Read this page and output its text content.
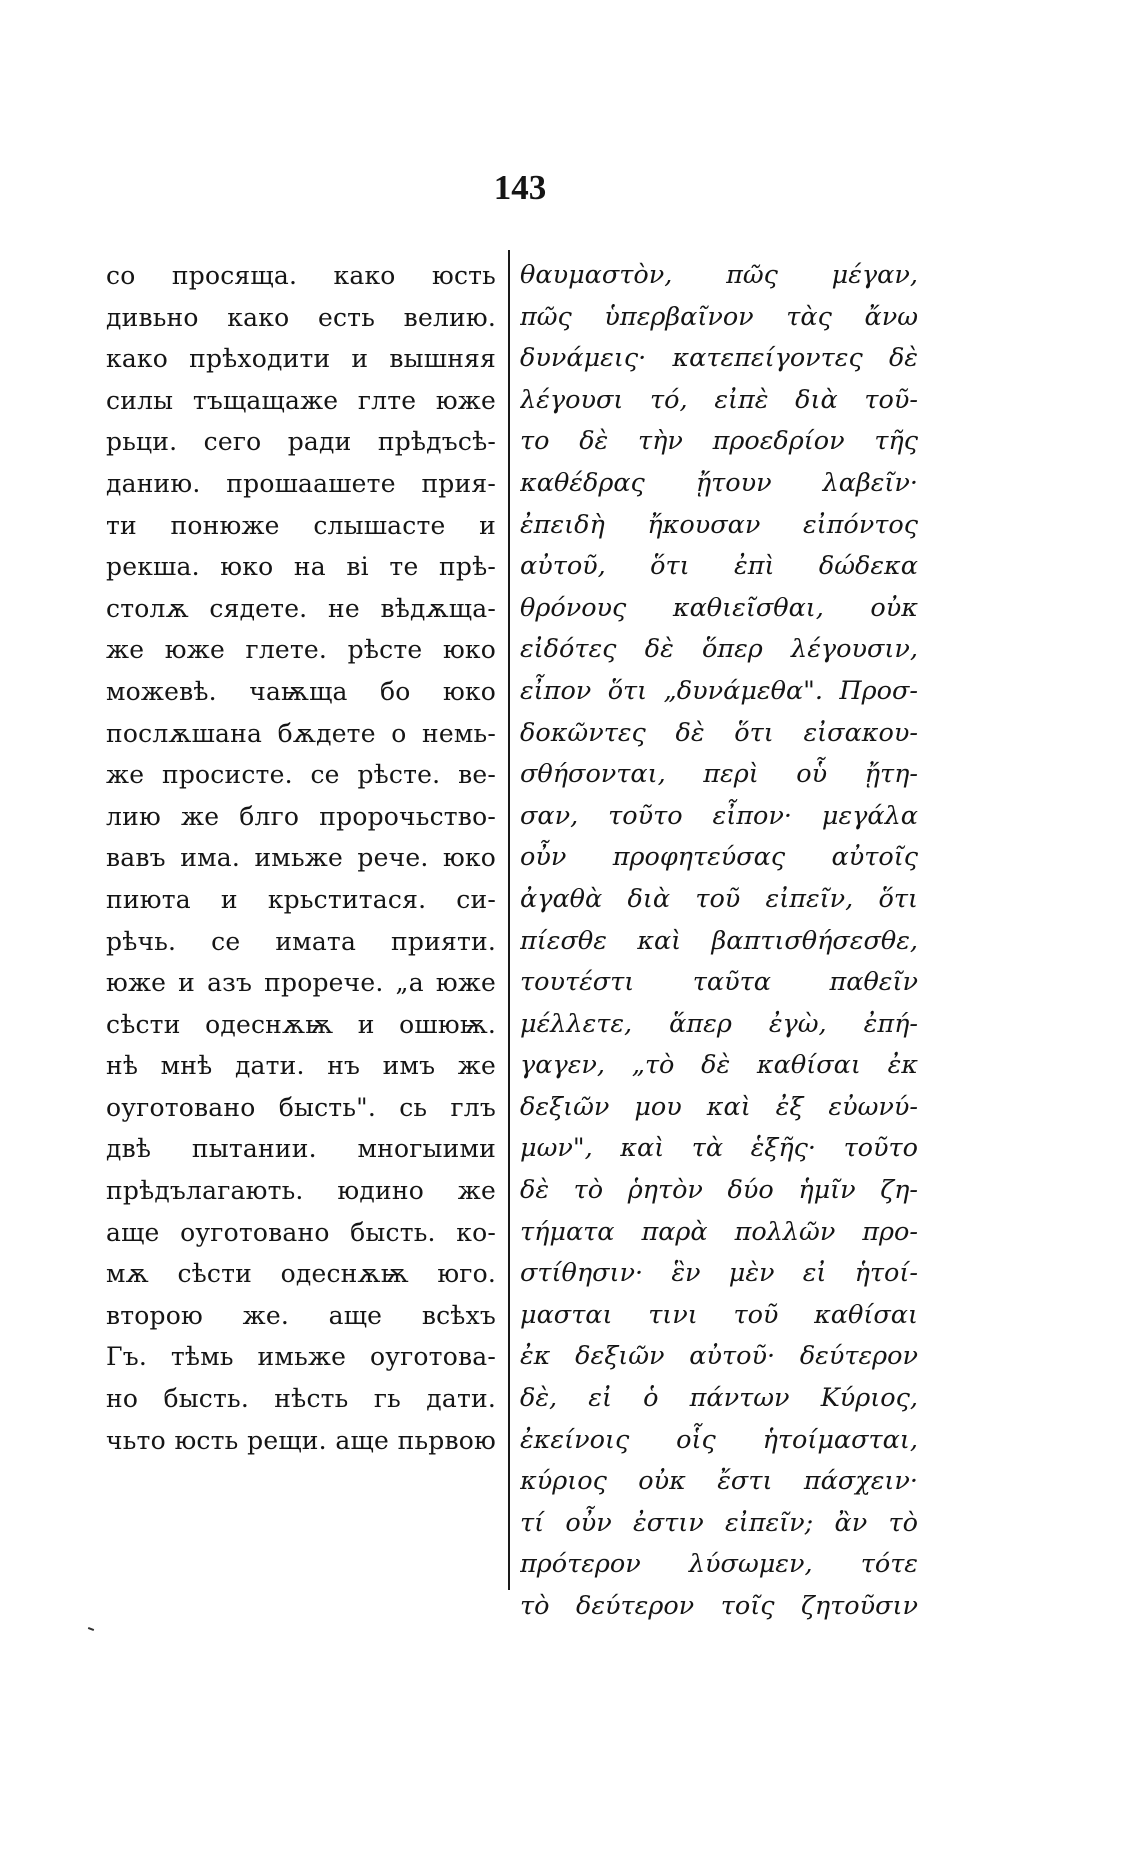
143
со просяща. како юсть
дивьно како есть велию.
како прѣходити и вышняя
силы тъщащаже глте юже
рьци. сего ради прѣдъсѣ-
данию. прошаашете прия-
ти понюже слышасте и
рекша. юко на ві те прѣ-
столѫ сядете. не вѣдѫща-
же юже глете. рѣсте юко
можевѣ. чаѭща бо юко
послѫшана бѫдете о немь-
же просисте. се рѣсте. ве-
лию же блго пророчьство-
вавъ има. имьже рече. юко
пиюта и крьститася. си-
рѣчь. се имата прияти.
юже и азъ прорече. „а юже
сѣсти одеснѫѭ и ошюѭ.
нѣ мнѣ дати. нъ имъ же
оуготовано бысть". сь глъ
двѣ пытании. многыими
прѣдълагають. юдино же
аще оуготовано бысть. ко-
мѫ сѣсти одеснѫѭ юго.
второю же. аще всѣхъ
Гъ. тѣмь имьже оуготова-
но бысть. нѣсть гь дати.
чьто юсть рещи. аще пьрвою
θαυμαστὸν, πῶς μέγαν,
πῶς ὑπερβαῖνον τὰς ἄνω
δυνάμεις· κατεπείγοντες δὲ
λέγουσι τό, εἰπὲ διὰ τοῦ-
το δὲ τὴν προεδρίον τῆς
καθέδρας ᾔτουν λαβεῖν·
ἐπειδὴ ἤκουσαν εἰπόντος
αὐτοῦ, ὅτι ἐπὶ δώδεκα
θρόνους καθιεῖσθαι, οὐκ
εἰδότες δὲ ὅπερ λέγουσιν,
εἶπον ὅτι „δυνάμεθα". Προσ-
δοκῶντες δὲ ὅτι εἰσακου-
σθήσονται, περὶ οὗ ᾔτη-
σαν, τοῦτο εἶπον· μεγάλα
οὖν προφητεύσας αὐτοῖς
ἀγαθὰ διὰ τοῦ εἰπεῖν, ὅτι
πίεσθε καὶ βαπτισθήσεσθε,
τουτέστι ταῦτα παθεῖν
μέλλετε, ἅπερ ἐγὼ, ἐπή-
γαγεν, „τὸ δὲ καθίσαι ἐκ
δεξιῶν μου καὶ ἐξ εὐωνύ-
μων", καὶ τὰ ἑξῆς· τοῦτο
δὲ τὸ ῥητὸν δύο ἡμῖν ζη-
τήματα παρὰ πολλῶν προ-
στίθησιν· ἓν μὲν εἰ ἡτοί-
μασται τινι τοῦ καθίσαι
ἐκ δεξιῶν αὐτοῦ· δεύτερον
δὲ, εἰ ὁ πάντων Κύριος,
ἐκείνοις οἷς ἡτοίμασται,
κύριος οὐκ ἔστι πάσχειν·
τί οὖν ἐστιν εἰπεῖν; ἂν τὸ
πρότερον λύσωμεν, τότε
τὸ δεύτερον τοῖς ζητοῦσιν
